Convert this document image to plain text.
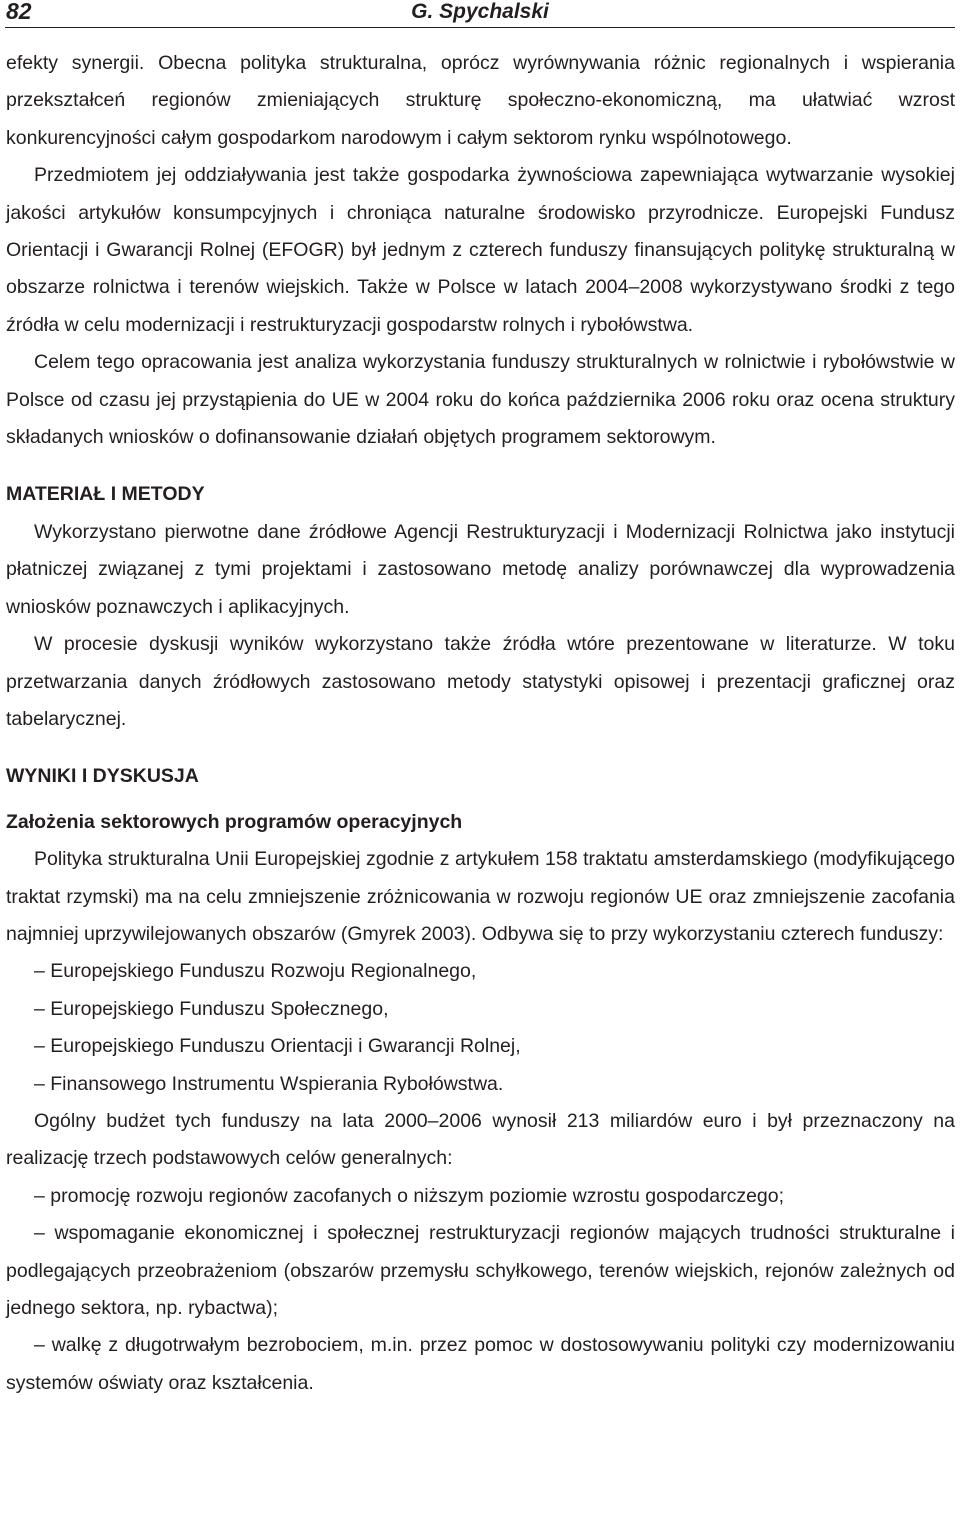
82	G. Spychalski

efekty synergii. Obecna polityka strukturalna, oprócz wyrównywania różnic regionalnych i wspierania przekształceń regionów zmieniających strukturę społeczno-ekonomiczną, ma ułatwiać wzrost konkurencyjności całym gospodarkom narodowym i całym sektorom rynku wspólnotowego.

Przedmiotem jej oddziaływania jest także gospodarka żywnościowa zapewniająca wytwarzanie wysokiej jakości artykułów konsumpcyjnych i chroniąca naturalne środowisko przyrodnicze. Europejski Fundusz Orientacji i Gwarancji Rolnej (EFOGR) był jednym z czterech funduszy finansujących politykę strukturalną w obszarze rolnictwa i terenów wiejskich. Także w Polsce w latach 2004–2008 wykorzystywano środki z tego źródła w celu modernizacji i restrukturyzacji gospodarstw rolnych i rybołówstwa.

Celem tego opracowania jest analiza wykorzystania funduszy strukturalnych w rolnictwie i rybołówstwie w Polsce od czasu jej przystąpienia do UE w 2004 roku do końca października 2006 roku oraz ocena struktury składanych wniosków o dofinansowanie działań objętych programem sektorowym.

MATERIAŁ I METODY

Wykorzystano pierwotne dane źródłowe Agencji Restrukturyzacji i Modernizacji Rolnictwa jako instytucji płatniczej związanej z tymi projektami i zastosowano metodę analizy porównawczej dla wyprowadzenia wniosków poznawczych i aplikacyjnych.

W procesie dyskusji wyników wykorzystano także źródła wtóre prezentowane w literaturze. W toku przetwarzania danych źródłowych zastosowano metody statystyki opisowej i prezentacji graficznej oraz tabelarycznej.

WYNIKI I DYSKUSJA
Założenia sektorowych programów operacyjnych

Polityka strukturalna Unii Europejskiej zgodnie z artykułem 158 traktatu amsterdamskiego (modyfikującego traktat rzymski) ma na celu zmniejszenie zróżnicowania w rozwoju regionów UE oraz zmniejszenie zacofania najmniej uprzywilejowanych obszarów (Gmyrek 2003). Odbywa się to przy wykorzystaniu czterech funduszy:

– Europejskiego Funduszu Rozwoju Regionalnego,

– Europejskiego Funduszu Społecznego,

– Europejskiego Funduszu Orientacji i Gwarancji Rolnej,

– Finansowego Instrumentu Wspierania Rybołówstwa.

Ogólny budżet tych funduszy na lata 2000–2006 wynosił 213 miliardów euro i był przeznaczony na realizację trzech podstawowych celów generalnych:

– promocję rozwoju regionów zacofanych o niższym poziomie wzrostu gospodarczego;

– wspomaganie ekonomicznej i społecznej restrukturyzacji regionów mających trudności strukturalne i podlegających przeobrażeniom (obszarów przemysłu schyłkowego, terenów wiejskich, rejonów zależnych od jednego sektora, np. rybactwa);

– walkę z długotrwałym bezrobociem, m.in. przez pomoc w dostosowywaniu polityki czy modernizowaniu systemów oświaty oraz kształcenia.
